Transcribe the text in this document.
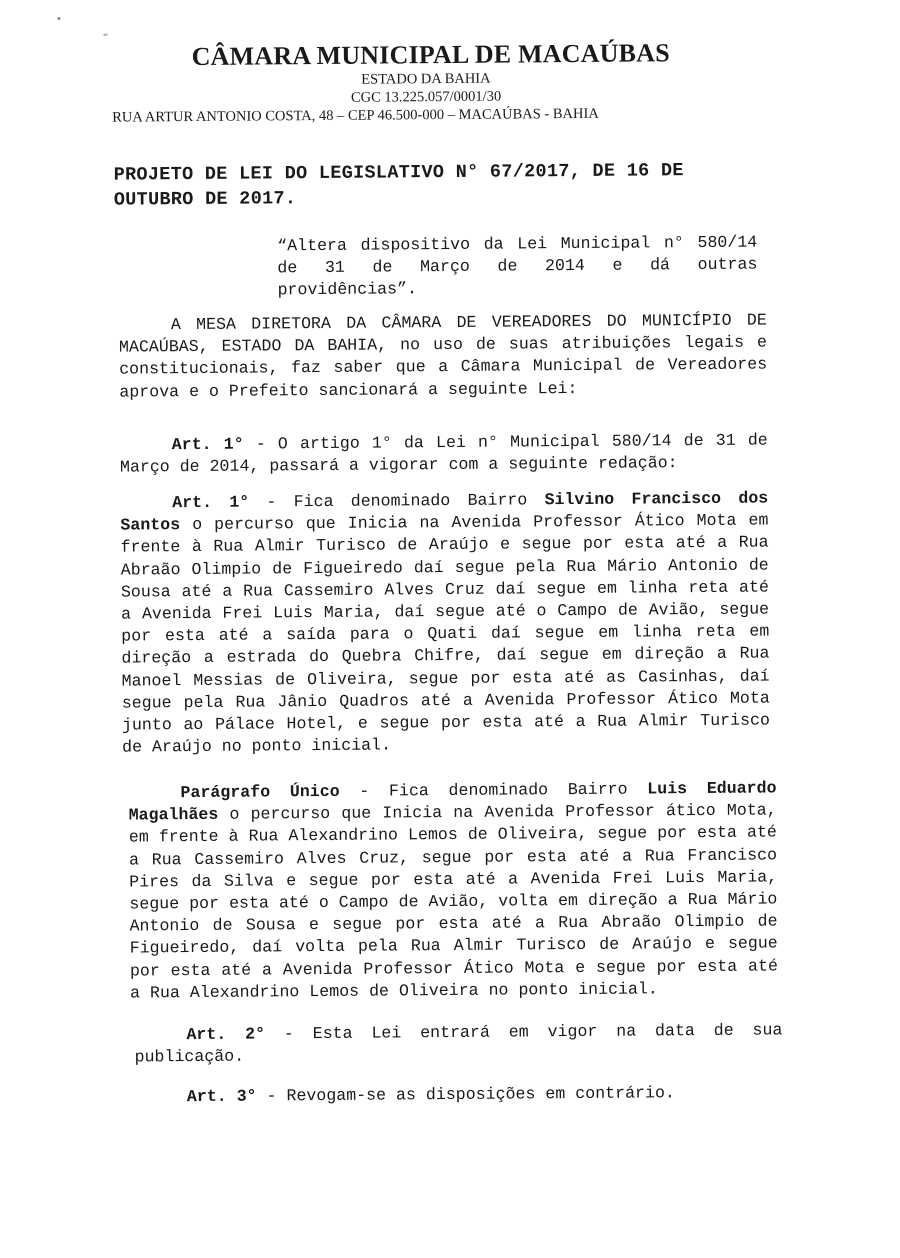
CÂMARA MUNICIPAL DE MACAÚBAS
ESTADO DA BAHIA
CGC 13.225.057/0001/30
RUA ARTUR ANTONIO COSTA, 48 – CEP 46.500-000 – MACAÚBAS - BAHIA
PROJETO DE LEI DO LEGISLATIVO N° 67/2017, DE 16 DE OUTUBRO DE 2017.
“Altera dispositivo da Lei Municipal n° 580/14 de 31 de Março de 2014 e dá outras providências”.
A MESA DIRETORA DA CÂMARA DE VEREADORES DO MUNICÍPIO DE MACAÚBAS, ESTADO DA BAHIA, no uso de suas atribuições legais e constitucionais, faz saber que a Câmara Municipal de Vereadores aprova e o Prefeito sancionará a seguinte Lei:
Art. 1° - O artigo 1° da Lei n° Municipal 580/14 de 31 de Março de 2014, passará a vigorar com a seguinte redação:
Art. 1° - Fica denominado Bairro Silvino Francisco dos Santos o percurso que Inicia na Avenida Professor Ático Mota em frente à Rua Almir Turisco de Araújo e segue por esta até a Rua Abraão Olimpio de Figueiredo daí segue pela Rua Mário Antonio de Sousa até a Rua Cassemiro Alves Cruz daí segue em linha reta até a Avenida Frei Luis Maria, daí segue até o Campo de Avião, segue por esta até a saída para o Quati daí segue em linha reta em direção a estrada do Quebra Chifre, daí segue em direção a Rua Manoel Messias de Oliveira, segue por esta até as Casinhas, daí segue pela Rua Jânio Quadros até a Avenida Professor Ático Mota junto ao Pálace Hotel, e segue por esta até a Rua Almir Turisco de Araújo no ponto inicial.
Parágrafo Único - Fica denominado Bairro Luis Eduardo Magalhães o percurso que Inicia na Avenida Professor ático Mota, em frente à Rua Alexandrino Lemos de Oliveira, segue por esta até a Rua Cassemiro Alves Cruz, segue por esta até a Rua Francisco Pires da Silva e segue por esta até a Avenida Frei Luis Maria, segue por esta até o Campo de Avião, volta em direção a Rua Mário Antonio de Sousa e segue por esta até a Rua Abraão Olimpio de Figueiredo, daí volta pela Rua Almir Turisco de Araújo e segue por esta até a Avenida Professor Ático Mota e segue por esta até a Rua Alexandrino Lemos de Oliveira no ponto inicial.
Art. 2° - Esta Lei entrará em vigor na data de sua publicação.
Art. 3° - Revogam-se as disposições em contrário.
